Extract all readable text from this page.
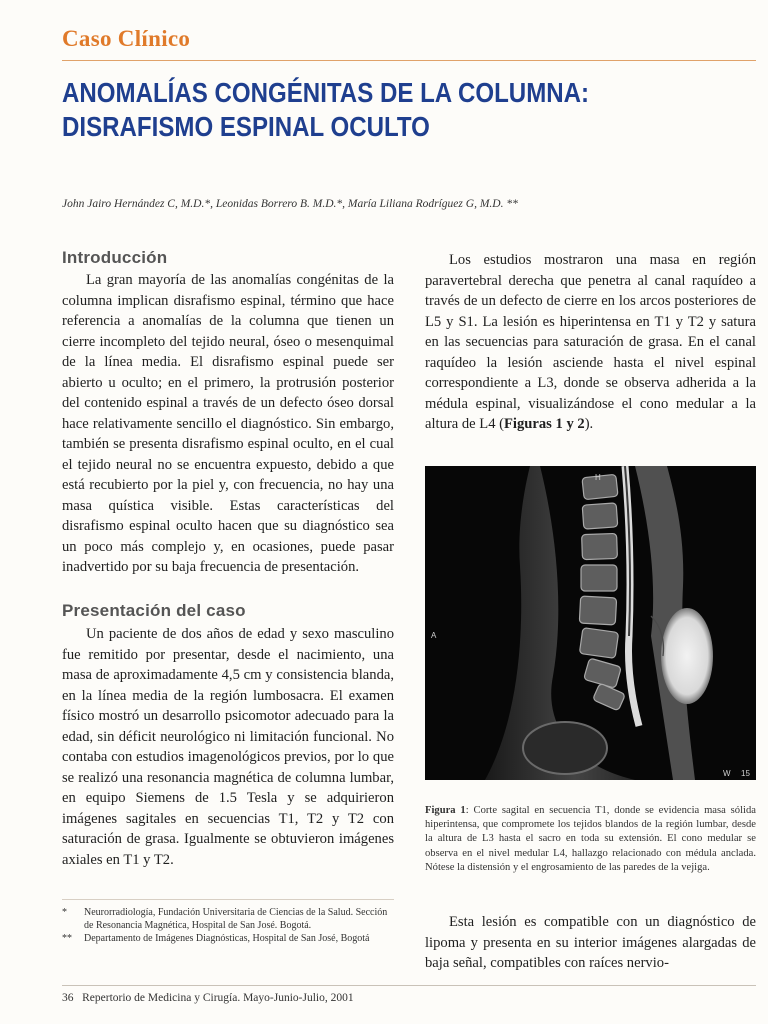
Caso Clínico
ANOMALÍAS CONGÉNITAS DE LA COLUMNA:
DISRAFISMO ESPINAL OCULTO
John Jairo Hernández C, M.D.*, Leonidas Borrero B. M.D.*, María Liliana Rodríguez G, M.D. **
Introducción

La gran mayoría de las anomalías congénitas de la columna implican disrafismo espinal, término que hace referencia a anomalías de la columna que tienen un cierre incompleto del tejido neural, óseo o mesenquimal de la línea media. El disrafismo espinal puede ser abierto u oculto; en el primero, la protrusión posterior del contenido espinal a través de un defecto óseo dorsal hace relativamente sencillo el diagnóstico. Sin embargo, también se presenta disrafismo espinal oculto, en el cual el tejido neural no se encuentra expuesto, debido a que está recubierto por la piel y, con frecuencia, no hay una masa quística visible. Estas características del disrafismo espinal oculto hacen que su diagnóstico sea un poco más complejo y, en ocasiones, puede pasar inadvertido por su baja frecuencia de presentación.

Presentación del caso

Un paciente de dos años de edad y sexo masculino fue remitido por presentar, desde el nacimiento, una masa de aproximadamente 4,5 cm y consistencia blanda, en la línea media de la región lumbosacra. El examen físico mostró un desarrollo psicomotor adecuado para la edad, sin déficit neurológico ni limitación funcional. No contaba con estudios imagenológicos previos, por lo que se realizó una resonancia magnética de columna lumbar, en equipo Siemens de 1.5 Tesla y se adquirieron imágenes sagitales en secuencias T1, T2 y T2 con saturación de grasa. Igualmente se obtuvieron imágenes axiales en T1 y T2.

*	Neurorradiología, Fundación Universitaria de Ciencias de la Salud. Sección de Resonancia Magnética, Hospital de San José. Bogotá.
**	Departamento de Imágenes Diagnósticas, Hospital de San José, Bogotá

Los estudios mostraron una masa en región paravertebral derecha que penetra al canal raquídeo a través de un defecto de cierre en los arcos posteriores de L5 y S1. La lesión es hiperintensa en T1 y T2 y satura en las secuencias para saturación de grasa. En el canal raquídeo la lesión asciende hasta el nivel espinal correspondiente a L3, donde se observa adherida a la médula espinal, visualizándose el cono medular a la altura de L4 (Figuras 1 y 2).

H
A
W 15
Figura 1: Corte sagital en secuencia T1, donde se evidencia masa sólida hiperintensa, que compromete los tejidos blandos de la región lumbar, desde la altura de L3 hasta el sacro en toda su extensión. El cono medular se observa en el nivel medular L4, hallazgo relacionado con médula anclada. Nótese la distensión y el engrosamiento de las paredes de la vejiga.

Esta lesión es compatible con un diagnóstico de lipoma y presenta en su interior imágenes alargadas de baja señal, compatibles con raíces nervio-

36 Repertorio de Medicina y Cirugía. Mayo-Junio-Julio, 2001
